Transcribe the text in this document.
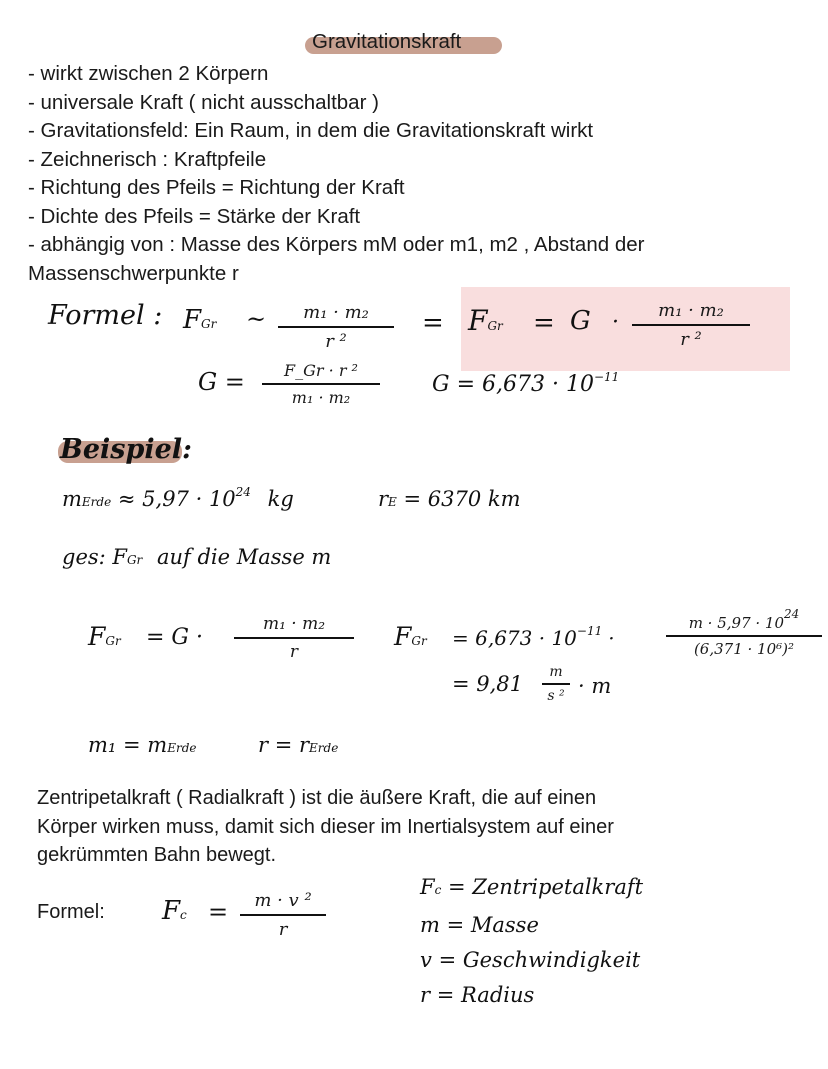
Gravitationskraft
- wirkt zwischen 2 Körpern
- universale Kraft ( nicht ausschaltbar )
- Gravitationsfeld: Ein Raum, in dem die Gravitationskraft wirkt
- Zeichnerisch : Kraftpfeile
- Richtung des Pfeils = Richtung der Kraft
- Dichte des Pfeils = Stärke der Kraft
- abhängig von : Masse des Körpers mM oder m1, m2 , Abstand der
Massenschwerpunkte r
Formel : FGr ~ m₁ · m₂
r ²
= FGr = G · m₁ · m₂
r ²
G = F_Gr · r ²
m₁ · m₂
$G = 6,673 \cdot 10^{-11}$
Beispiel:
mErde ≈ $5,97 \cdot 10^{24}$ kg	rE = 6370 km
ges: FGr auf die Masse m
FGr = G ·
m₁ · m₂
r
FGr = $6,673 \cdot 10^{-11}$ ·
$m \cdot 5,97 \cdot 10^{24}$
(6,371 · 10⁶)²
= 9,81 m
s ² · m
m₁ = mErde	r = rErde
Zentripetalkraft ( Radialkraft ) ist die äußere Kraft, die auf einen
Körper wirken muss, damit sich dieser im Inertialsystem auf einer
gekrümmten Bahn bewegt.
Formel: Fc = m · v ²
r
Fc = Zentripetalkraft
m = Masse
v = Geschwindigkeit
r = Radius
